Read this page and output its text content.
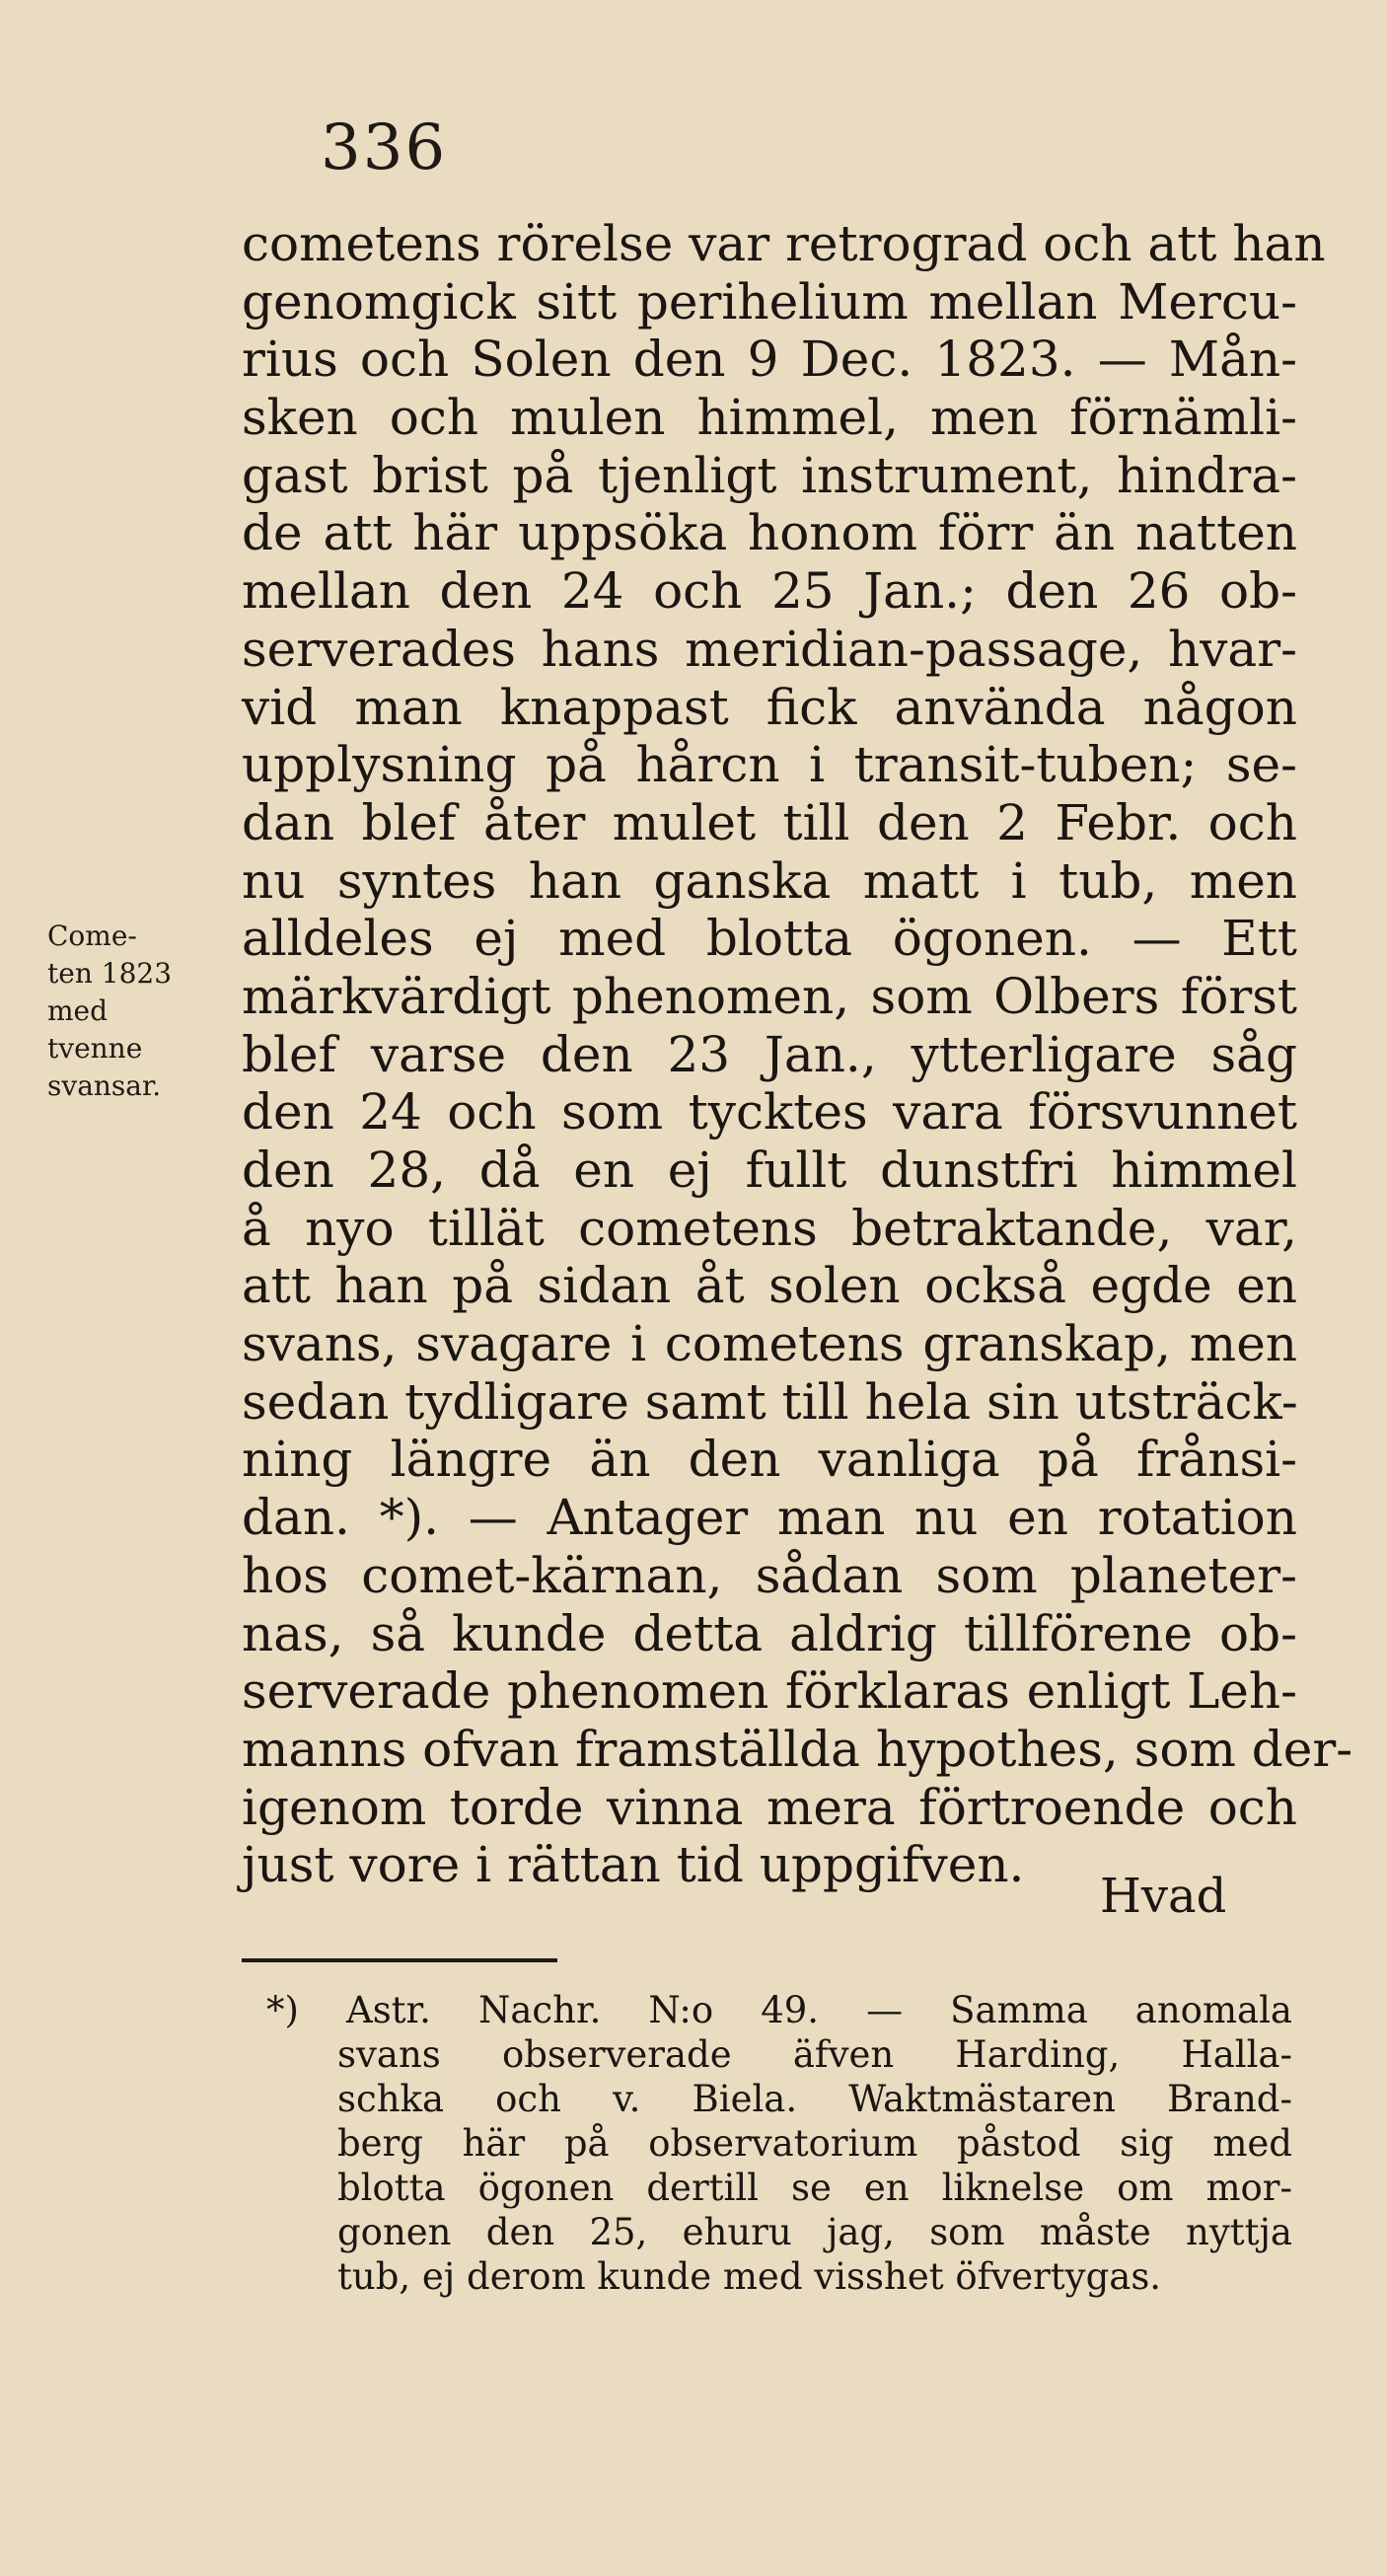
336
Come-
ten 1823
med
tvenne
svansar.
cometens rörelse var retrograd och att han
genomgick sitt perihelium mellan Mercu-
rius och Solen den 9 Dec. 1823. — Mån-
sken och mulen himmel, men förnämli-
gast brist på tjenligt instrument, hindra-
de att här uppsöka honom förr än natten
mellan den 24 och 25 Jan.; den 26 ob-
serverades hans meridian-passage, hvar-
vid man knappast fick använda någon
upplysning på hårcn i transit-tuben; se-
dan blef åter mulet till den 2 Febr. och
nu syntes han ganska matt i tub, men
alldeles ej med blotta ögonen. — Ett
märkvärdigt phenomen, som Olbers först
blef varse den 23 Jan., ytterligare såg
den 24 och som tycktes vara försvunnet
den 28, då en ej fullt dunstfri himmel
å nyo tillät cometens betraktande, var,
att han på sidan åt solen också egde en
svans, svagare i cometens granskap, men
sedan tydligare samt till hela sin utsträck-
ning längre än den vanliga på frånsi-
dan. *). — Antager man nu en rotation
hos comet-kärnan, sådan som planeter-
nas, så kunde detta aldrig tillförene ob-
serverade phenomen förklaras enligt Leh-
manns ofvan framställda hypothes, som der-
igenom torde vinna mera förtroende och
just vore i rättan tid uppgifven.
Hvad
*) Astr. Nachr. N:o 49. — Samma anomala
svans observerade äfven Harding, Halla-
schka och v. Biela. Waktmästaren Brand-
berg här på observatorium påstod sig med
blotta ögonen dertill se en liknelse om mor-
gonen den 25, ehuru jag, som måste nyttja
tub, ej derom kunde med visshet öfvertygas.
